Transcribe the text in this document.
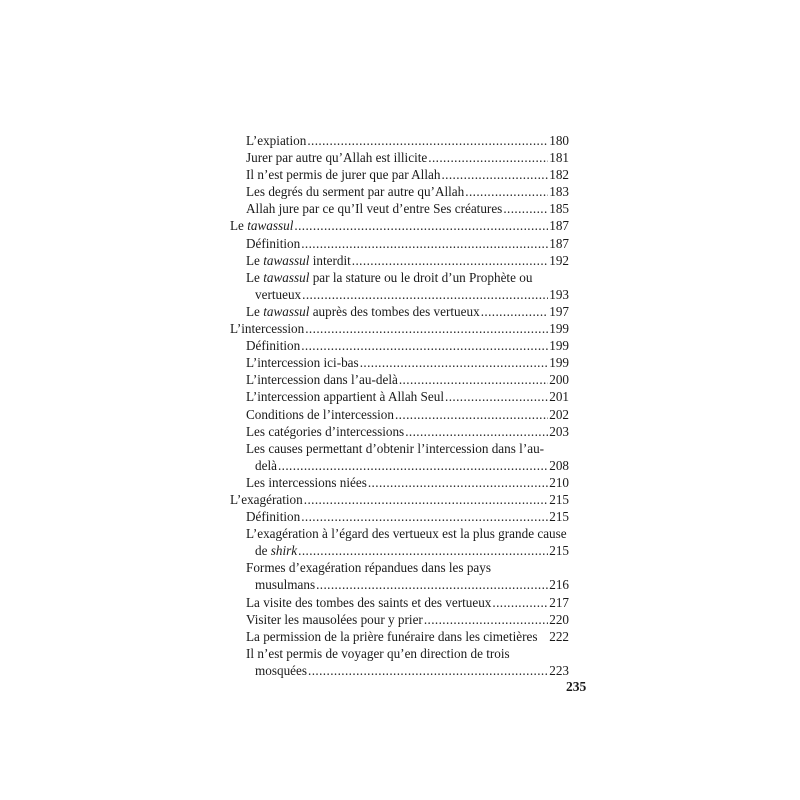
L’expiation .....	180
Jurer par autre qu’Allah est illicite .....	181
Il n’est permis de jurer que par Allah .....	182
Les degrés du serment par autre qu’Allah .....	183
Allah jure par ce qu’Il veut d’entre Ses créatures .....	185
Le tawassul .....	187
Définition .....	187
Le tawassul interdit .....	192
Le tawassul par la stature ou le droit d’un Prophète ou
vertueux .....	193
Le tawassul auprès des tombes des vertueux .....	197
L’intercession .....	199
Définition .....	199
L’intercession ici-bas .....	199
L’intercession dans l’au-delà .....	200
L’intercession appartient à Allah Seul .....	201
Conditions de l’intercession .....	202
Les catégories d’intercessions .....	203
Les causes permettant d’obtenir l’intercession dans l’au-
delà .....	208
Les intercessions niées .....	210
L’exagération .....	215
Définition .....	215
L’exagération à l’égard des vertueux est la plus grande cause
de shirk .....	215
Formes d’exagération répandues dans les pays
musulmans .....	216
La visite des tombes des saints et des vertueux .....	217
Visiter les mausolées pour y prier .....	220
La permission de la prière funéraire dans les cimetières 222
Il n’est permis de voyager qu’en direction de trois
mosquées .....	223
235
